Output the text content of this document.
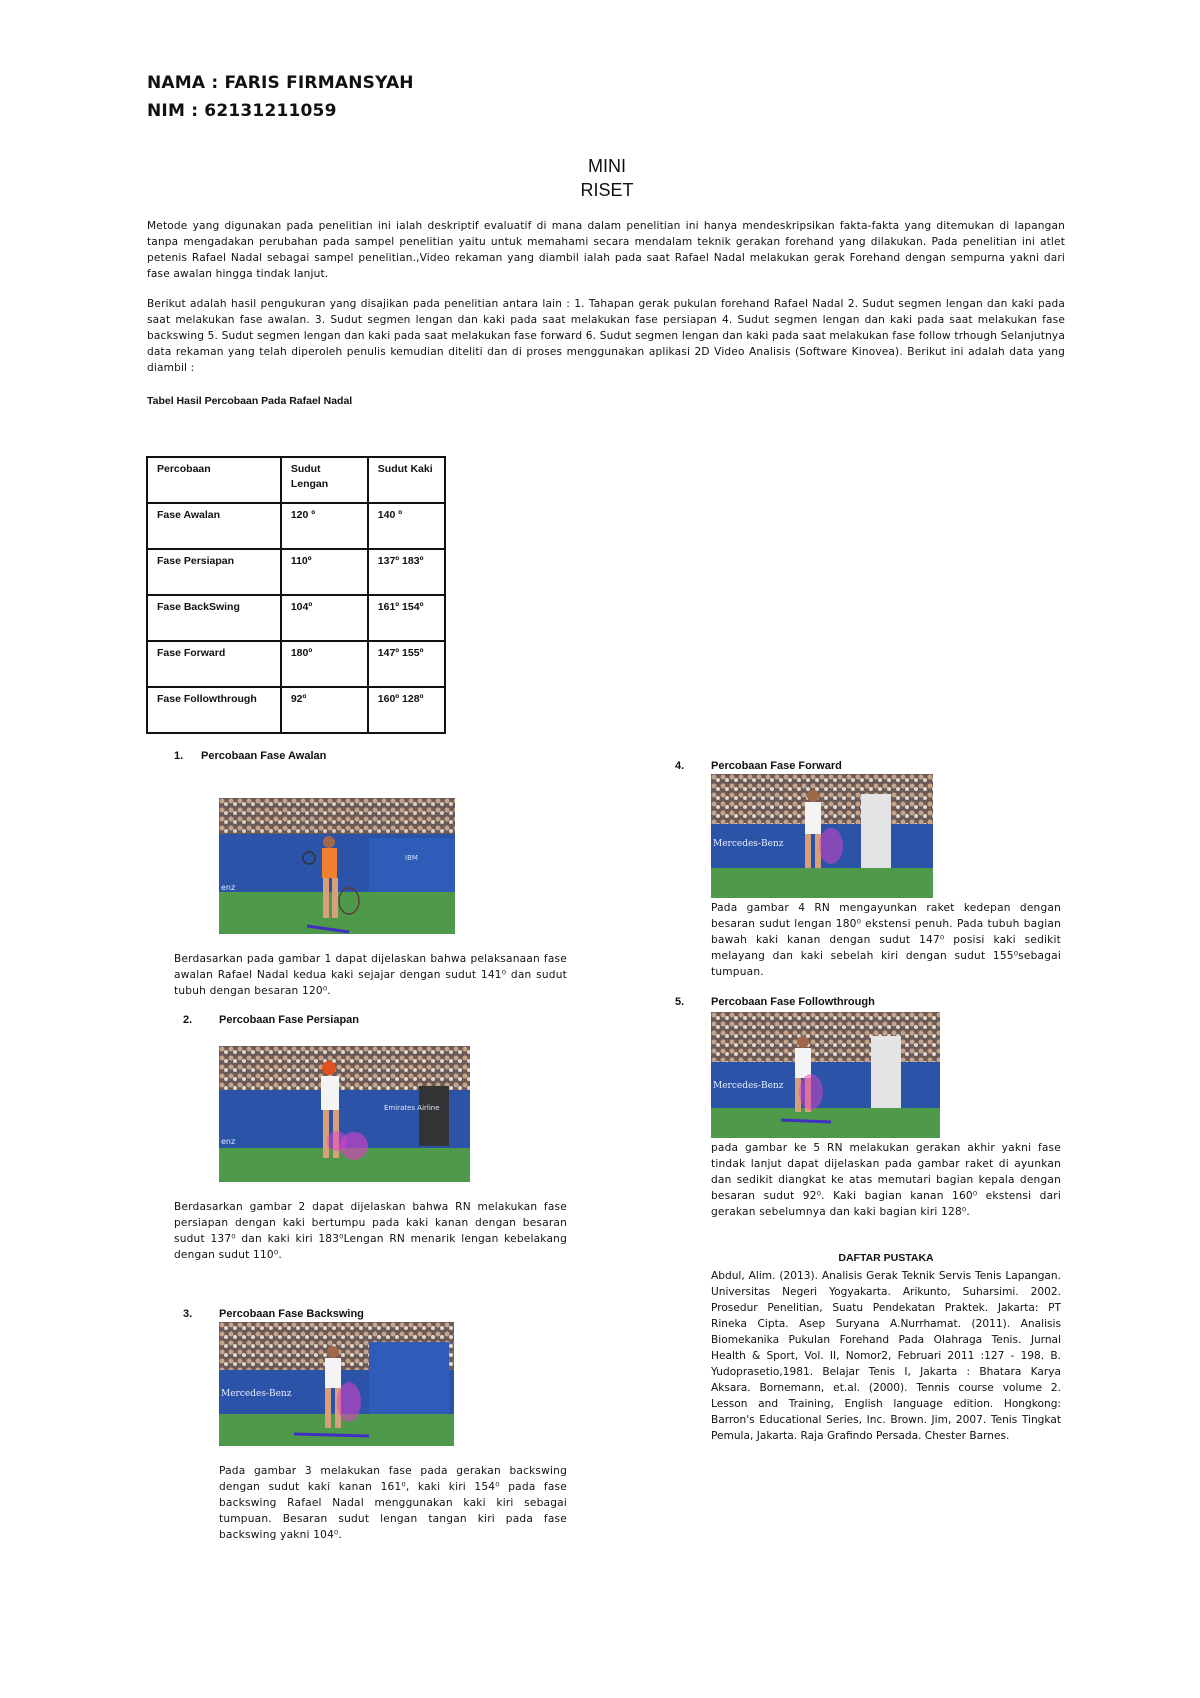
NAMA : FARIS FIRMANSYAH
NIM : 62131211059
MINI
RISET
Metode yang digunakan pada penelitian ini ialah deskriptif evaluatif di mana dalam penelitian ini hanya mendeskripsikan fakta-fakta yang ditemukan di lapangan tanpa mengadakan perubahan pada sampel penelitian yaitu untuk memahami secara mendalam teknik gerakan forehand yang dilakukan. Pada penelitian ini atlet petenis Rafael Nadal sebagai sampel penelitian.,Video rekaman yang diambil ialah pada saat Rafael Nadal melakukan gerak Forehand dengan sempurna yakni dari fase awalan hingga tindak lanjut.
Berikut adalah hasil pengukuran yang disajikan pada penelitian antara lain : 1. Tahapan gerak pukulan forehand Rafael Nadal 2. Sudut segmen lengan dan kaki pada saat melakukan fase awalan. 3. Sudut segmen lengan dan kaki pada saat melakukan fase persiapan 4. Sudut segmen lengan dan kaki pada saat melakukan fase backswing 5. Sudut segmen lengan dan kaki pada saat melakukan fase forward 6. Sudut segmen lengan dan kaki pada saat melakukan fase follow trhough Selanjutnya data rekaman yang telah diperoleh penulis kemudian diteliti dan di proses menggunakan aplikasi 2D Video Analisis (Software Kinovea). Berikut ini adalah data yang diambil :
Tabel Hasil Percobaan Pada Rafael Nadal
Percobaan	Sudut Lengan	Sudut Kaki
Fase Awalan	120 º	140 º
Fase Persiapan	110º	137º 183º
Fase BackSwing	104º	161º 154º
Fase Forward	180º	147º 155º
Fase Followthrough	92º	160º 128º
1. Percobaan Fase Awalan
IBM
enz
Berdasarkan pada gambar 1 dapat dijelaskan bahwa pelaksanaan fase awalan Rafael Nadal kedua kaki sejajar dengan sudut 141⁰ dan sudut tubuh dengan besaran 120⁰.
2. Percobaan Fase Persiapan
Emirates Airline
enz
Berdasarkan gambar 2 dapat dijelaskan bahwa RN melakukan fase persiapan dengan kaki bertumpu pada kaki kanan dengan besaran sudut 137⁰ dan kaki kiri 183⁰Lengan RN menarik lengan kebelakang dengan sudut 110⁰.
3. Percobaan Fase Backswing
Mercedes-Benz
Pada gambar 3 melakukan fase pada gerakan backswing dengan sudut kaki kanan 161⁰, kaki kiri 154⁰ pada fase backswing Rafael Nadal menggunakan kaki kiri sebagai tumpuan. Besaran sudut lengan tangan kiri pada fase backswing yakni 104⁰.
4. Percobaan Fase Forward
Mercedes-Benz
Pada gambar 4 RN mengayunkan raket kedepan dengan besaran sudut lengan 180⁰ ekstensi penuh. Pada tubuh bagian bawah kaki kanan dengan sudut 147⁰ posisi kaki sedikit melayang dan kaki sebelah kiri dengan sudut 155⁰sebagai tumpuan.
5. Percobaan Fase Followthrough
Mercedes-Benz
pada gambar ke 5 RN melakukan gerakan akhir yakni fase tindak lanjut dapat dijelaskan pada gambar raket di ayunkan dan sedikit diangkat ke atas memutari bagian kepala dengan besaran sudut 92⁰. Kaki bagian kanan 160⁰ ekstensi dari gerakan sebelumnya dan kaki bagian kiri 128⁰.
DAFTAR PUSTAKA
Abdul, Alim. (2013). Analisis Gerak Teknik Servis Tenis Lapangan. Universitas Negeri Yogyakarta. Arikunto, Suharsimi. 2002. Prosedur Penelitian, Suatu Pendekatan Praktek. Jakarta: PT Rineka Cipta. Asep Suryana A.Nurrhamat. (2011). Analisis Biomekanika Pukulan Forehand Pada Olahraga Tenis. Jurnal Health & Sport, Vol. II, Nomor2, Februari 2011 :127 - 198. B. Yudoprasetio,1981. Belajar Tenis I, Jakarta : Bhatara Karya Aksara. Bornemann, et.al. (2000). Tennis course volume 2. Lesson and Training, English language edition. Hongkong: Barron's Educational Series, Inc. Brown. Jim, 2007. Tenis Tingkat Pemula, Jakarta. Raja Grafindo Persada. Chester Barnes.
